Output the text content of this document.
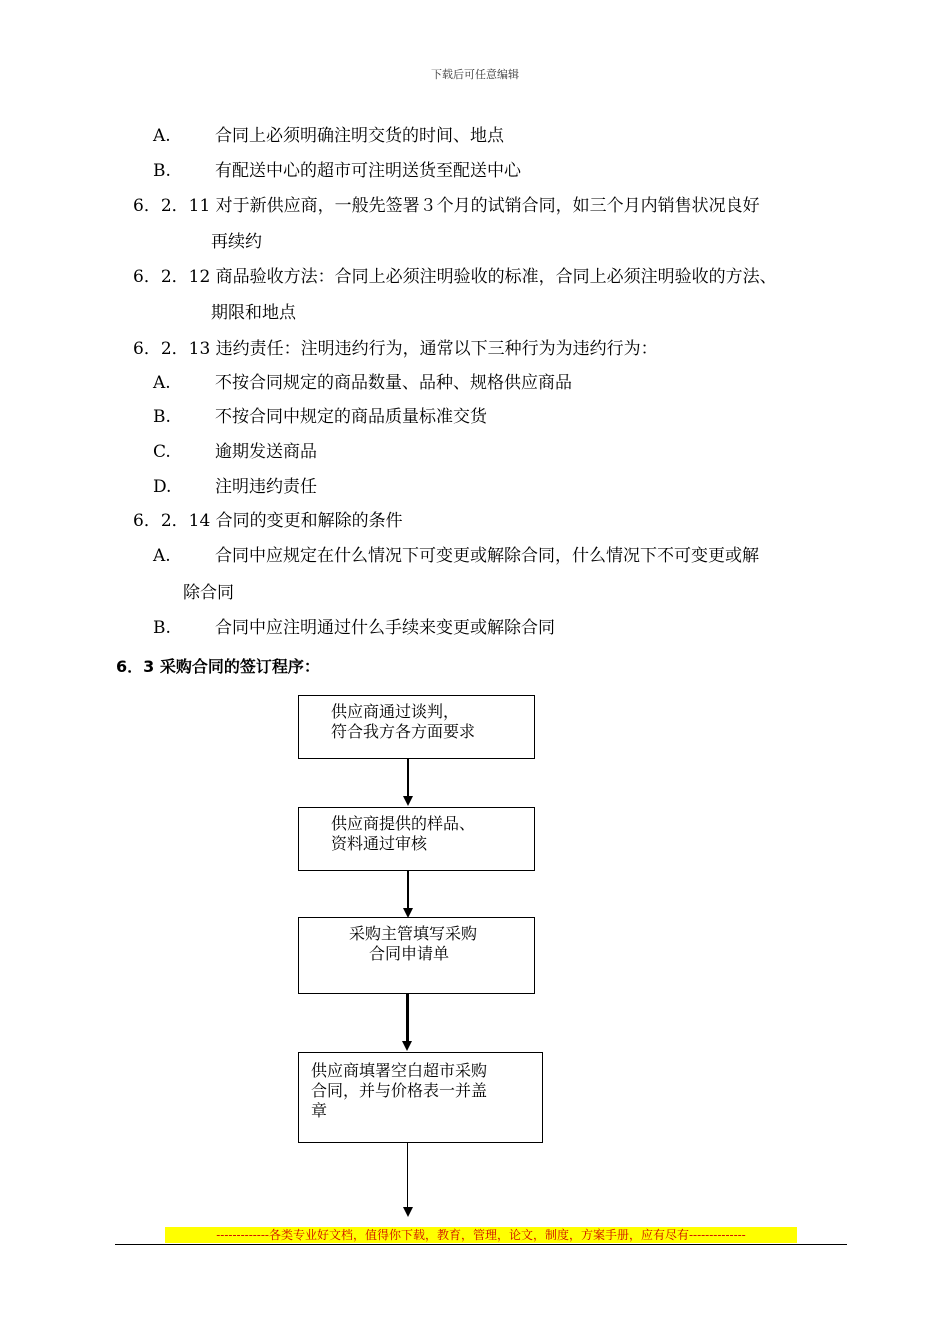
下载后可任意编辑
A.	合同上必须明确注明交货的时间、地点
B.	有配送中心的超市可注明送货至配送中心
6．2．11 对于新供应商，一般先签署３个月的试销合同，如三个月内销售状况良好
再续约
6．2．12 商品验收方法：合同上必须注明验收的标准，合同上必须注明验收的方法、
期限和地点
6．2．13 违约责任：注明违约行为，通常以下三种行为为违约行为：
A.	不按合同规定的商品数量、品种、规格供应商品
B.	不按合同中规定的商品质量标准交货
C.	逾期发送商品
D.	注明违约责任
6．2．14 合同的变更和解除的条件
A.	合同中应规定在什么情况下可变更或解除合同，什么情况下不可变更或解
除合同
B.	合同中应注明通过什么手续来变更或解除合同
6．3 采购合同的签订程序：
供应商通过谈判，
符合我方各方面要求
供应商提供的样品、
资料通过审核
采购主管填写采购
合同申请单
供应商填署空白超市采购
合同，并与价格表一并盖
章
-------------各类专业好文档，值得你下载，教育，管理，论文，制度，方案手册，应有尽有--------------
